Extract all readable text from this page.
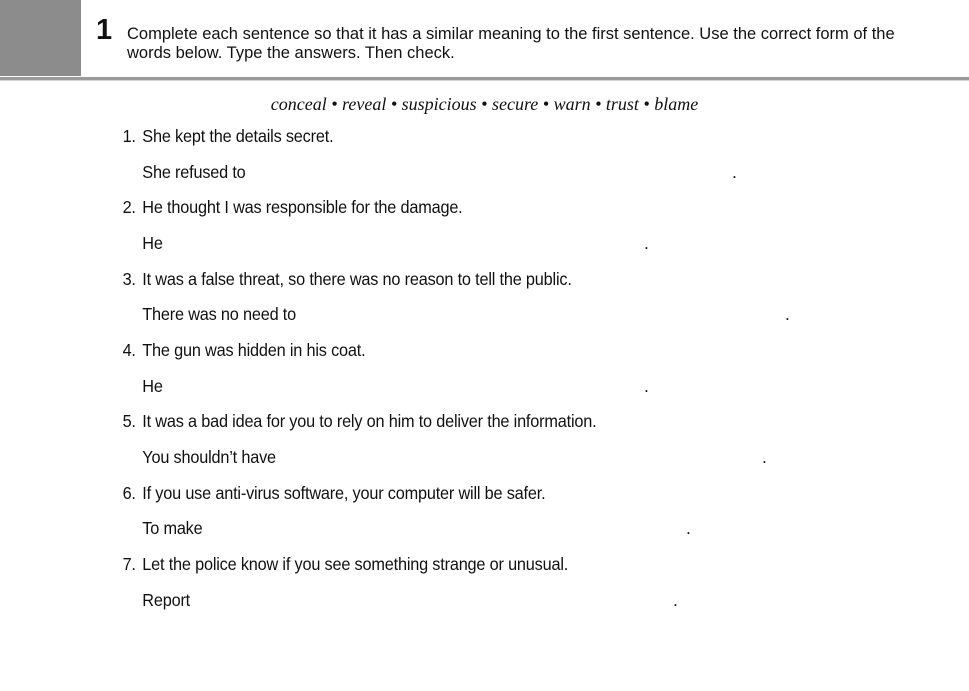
1 Complete each sentence so that it has a similar meaning to the first sentence. Use the correct form of the words below. Type the answers. Then check.
conceal • reveal • suspicious • secure • warn • trust • blame
1. She kept the details secret.
She refused to	.
2. He thought I was responsible for the damage.
He	.
3. It was a false threat, so there was no reason to tell the public.
There was no need to	.
4. The gun was hidden in his coat.
He	.
5. It was a bad idea for you to rely on him to deliver the information.
You shouldn’t have	.
6. If you use anti-virus software, your computer will be safer.
To make	.
7. Let the police know if you see something strange or unusual.
Report	.
